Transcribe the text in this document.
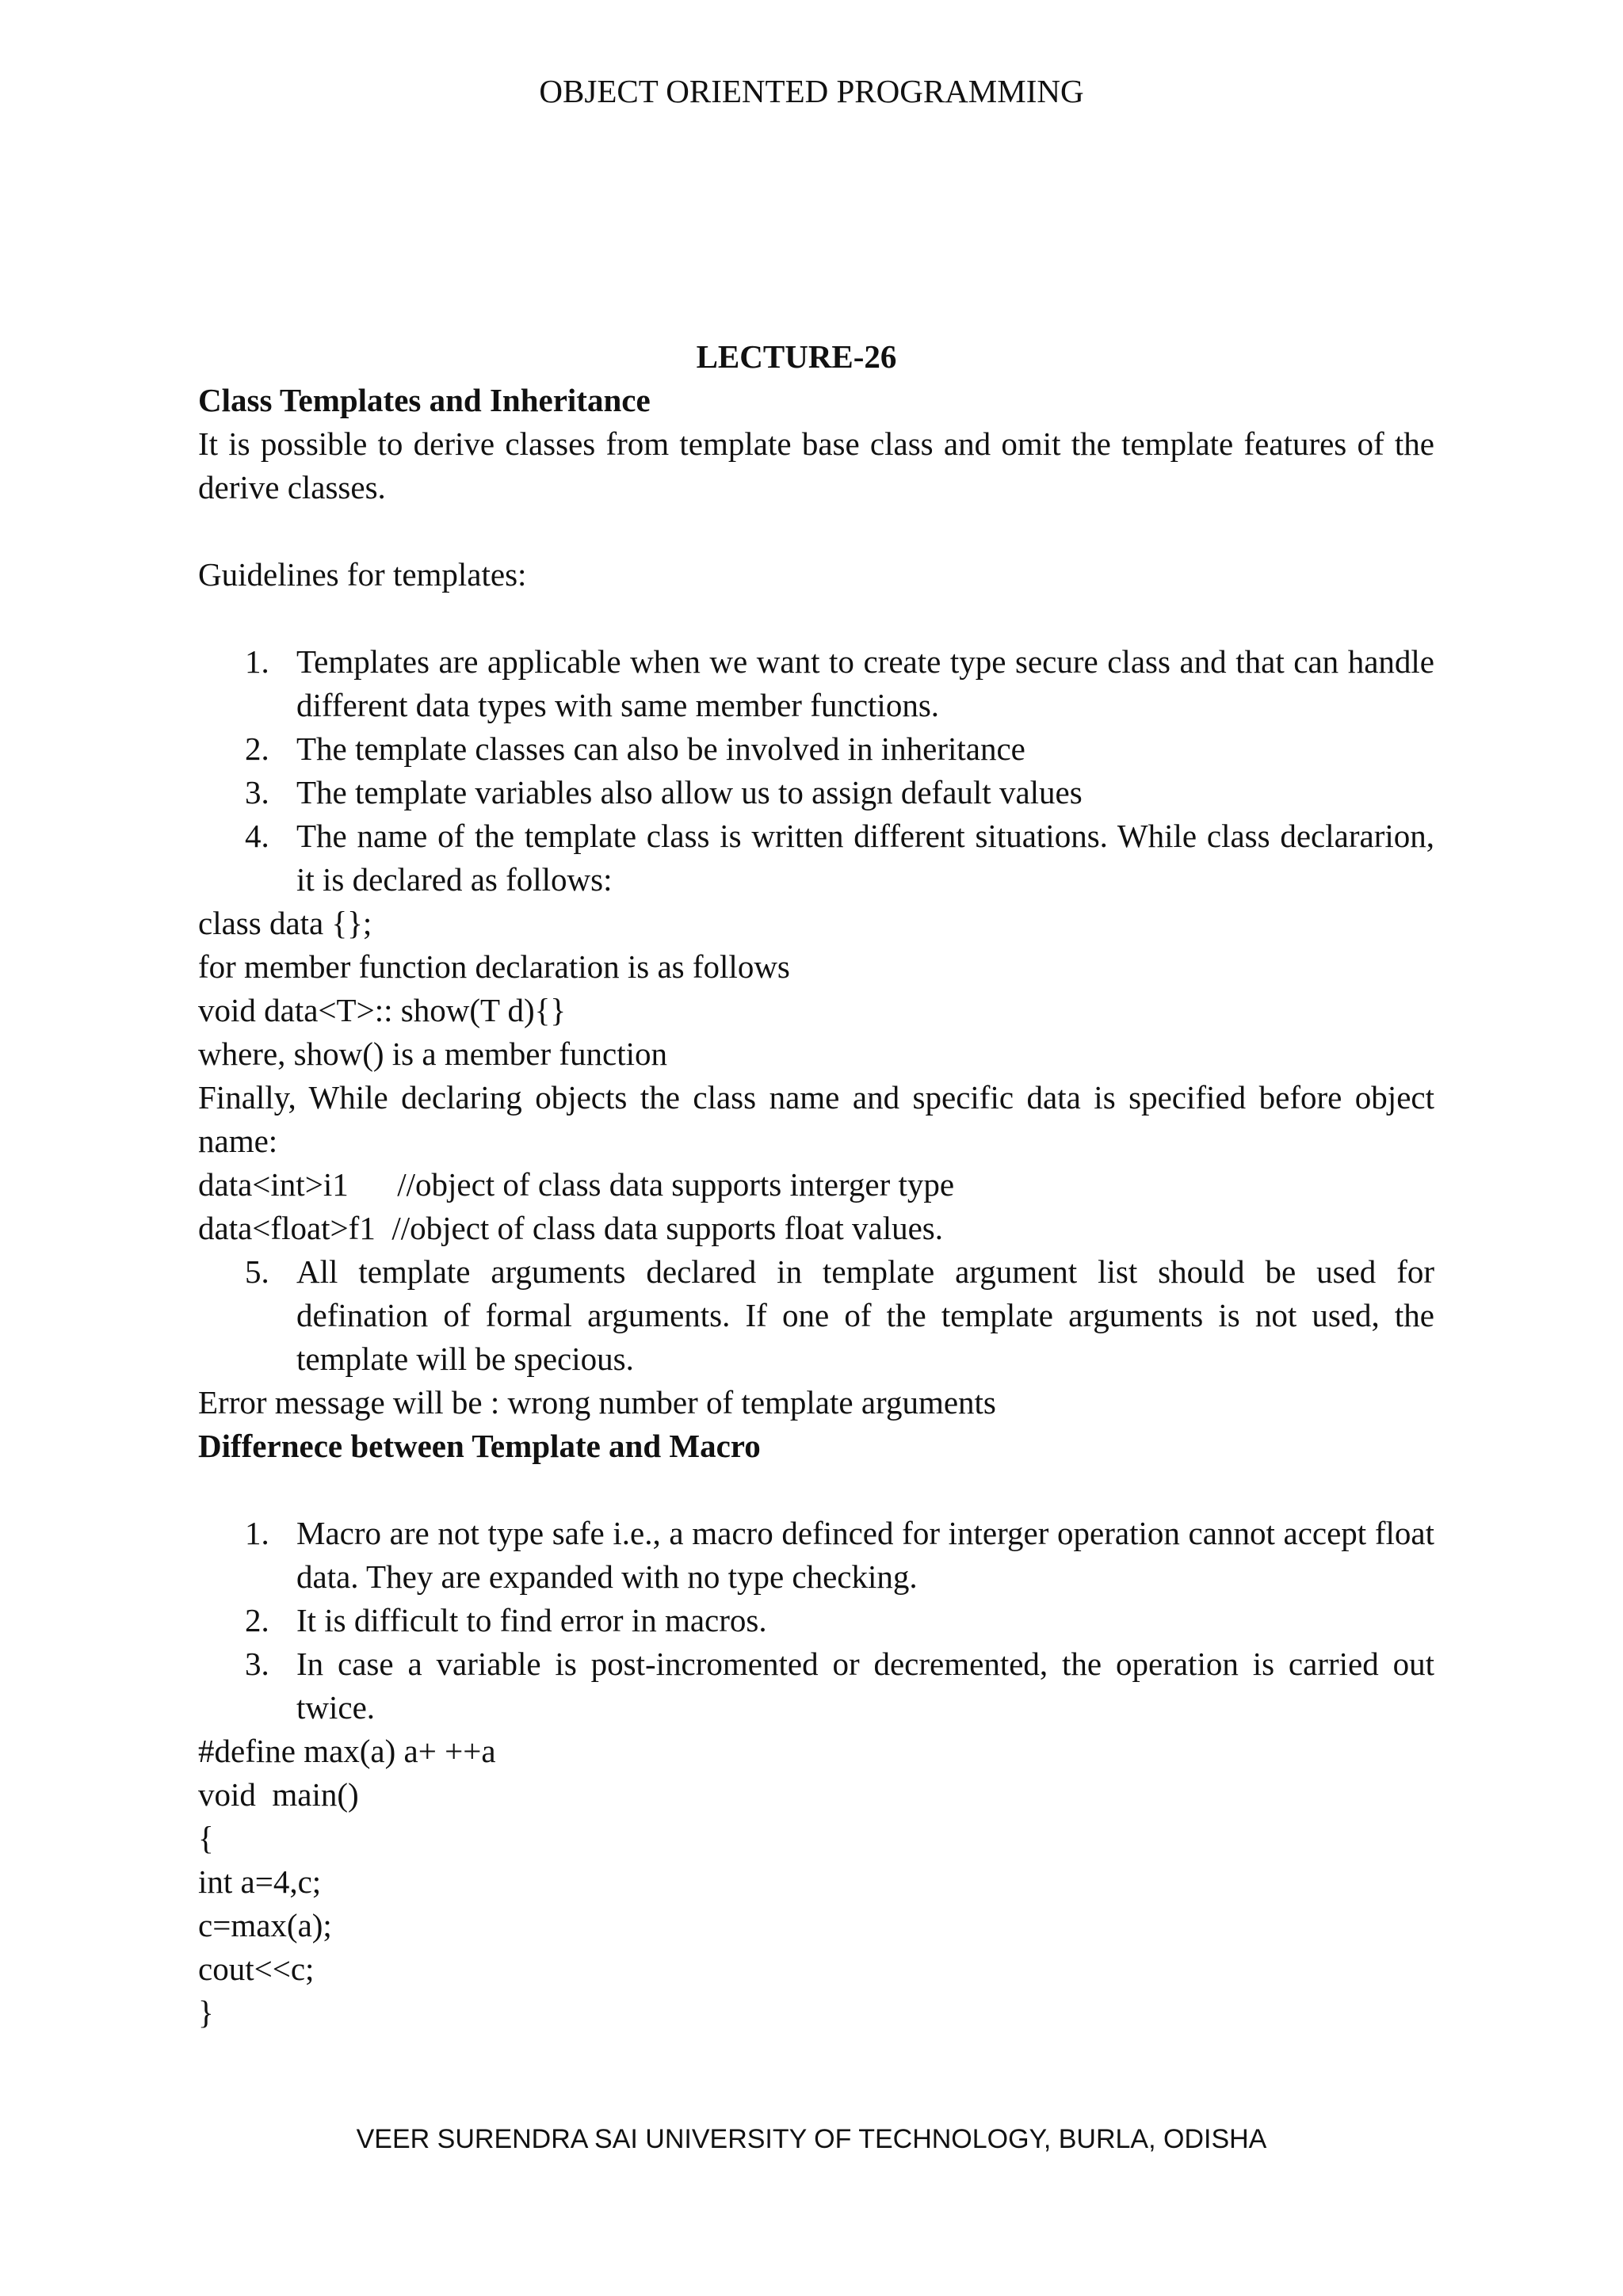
OBJECT ORIENTED PROGRAMMING

LECTURE-26

Class Templates and Inheritance

It is possible to derive classes from template base class and omit the template features of the derive classes.

Guidelines for templates:

1. Templates are applicable when we want to create type secure class and that can handle different data types with same member functions.
2. The template classes can also be involved in inheritance
3. The template variables also allow us to assign default values
4. The name of the template class is written different situations. While class declararion, it is declared as follows:

class data {};

for member function declaration is as follows

void data<T>:: show(T d){}

where, show() is a member function

Finally, While declaring objects the class name and specific data is specified before object name:

data<int>i1      //object of class data supports interger type

data<float>f1  //object of class data supports float values.

5. All template arguments declared in template argument list should be used for defination of formal arguments. If one of the template arguments is not used, the template will be specious.

Error message will be : wrong number of template arguments

Differnece between Template and Macro

1. Macro are not type safe i.e., a macro definced for interger operation cannot accept float data. They are expanded with no type checking.
2. It is difficult to find error in macros.
3. In case a variable is post-incromented or decremented, the operation is carried out twice.

#define max(a) a+ ++a

void  main()

{

int a=4,c;

c=max(a);

cout<<c;

}

VEER SURENDRA SAI UNIVERSITY OF TECHNOLOGY, BURLA, ODISHA
